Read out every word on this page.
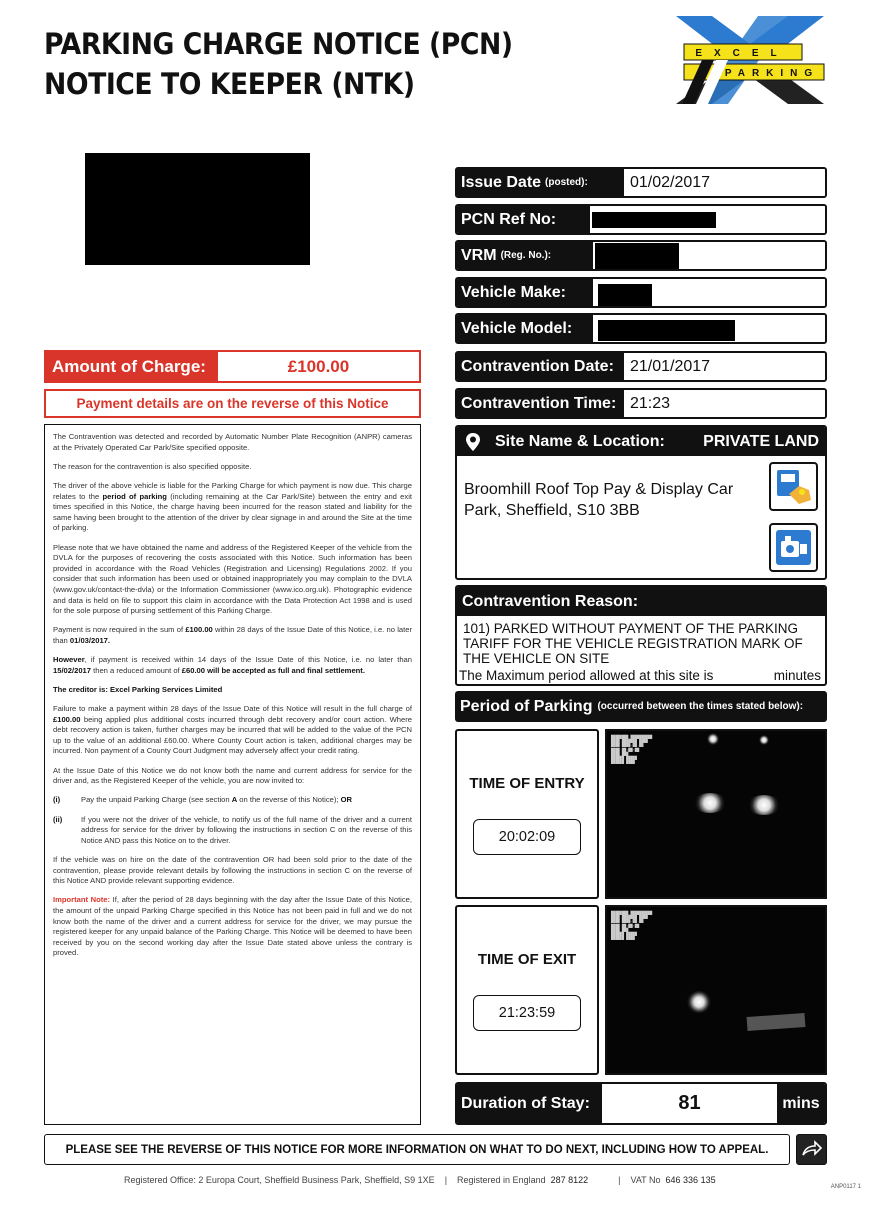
PARKING CHARGE NOTICE (PCN)
NOTICE TO KEEPER (NTK)
EXCEL
PARKING
Issue Date (posted):	01/02/2017
PCN Ref No:
VRM (Reg. No.):
Vehicle Make:
Vehicle Model:
Contravention Date:	21/01/2017
Contravention Time: 21:23
Amount of Charge:	£100.00
Payment details are on the reverse of this Notice

The Contravention was detected and recorded by Automatic Number Plate Recognition (ANPR) cameras at the Privately Operated Car Park/Site specified opposite.

The reason for the contravention is also specified opposite.

The driver of the above vehicle is liable for the Parking Charge for which payment is now due. This charge relates to the period of parking (including remaining at the Car Park/Site) between the entry and exit times specified in this Notice, the charge having been incurred for the reason stated and liability for the same having been brought to the attention of the driver by clear signage in and around the Site at the time of parking.

Please note that we have obtained the name and address of the Registered Keeper of the vehicle from the DVLA for the purposes of recovering the costs associated with this Notice. Such information has been provided in accordance with the Road Vehicles (Registration and Licensing) Regulations 2002. If you consider that such information has been used or obtained inappropriately you may complain to the DVLA (www.gov.uk/contact-the-dvla) or the Information Commissioner (www.ico.org.uk). Photographic evidence and data is held on file to support this claim in accordance with the Data Protection Act 1998 and is used for the sole purpose of pursing settlement of this Parking Charge.

Payment is now required in the sum of £100.00 within 28 days of the Issue Date of this Notice, i.e. no later than 01/03/2017.

However, if payment is received within 14 days of the Issue Date of this Notice, i.e. no later than 15/02/2017 then a reduced amount of £60.00 will be accepted as full and final settlement.

The creditor is: Excel Parking Services Limited

Failure to make a payment within 28 days of the Issue Date of this Notice will result in the full charge of £100.00 being applied plus additional costs incurred through debt recovery and/or court action. Where debt recovery action is taken, further charges may be incurred that will be added to the value of the PCN up to the value of an additional £60.00. Where County Court action is taken, additional charges may be incurred. Non payment of a County Court Judgment may adversely affect your credit rating.

At the Issue Date of this Notice we do not know both the name and current address for service for the driver and, as the Registered Keeper of the vehicle, you are now invited to:

(i)	Pay the unpaid Parking Charge (see section A on the reverse of this Notice); OR
(ii)	If you were not the driver of the vehicle, to notify us of the full name of the driver and a current address for service for the driver by following the instructions in section C on the reverse of this Notice AND pass this Notice on to the driver.

If the vehicle was on hire on the date of the contravention OR had been sold prior to the date of the contravention, please provide relevant details by following the instructions in section C on the reverse of this Notice AND provide relevant supporting evidence.

Important Note: If, after the period of 28 days beginning with the day after the Issue Date of this Notice, the amount of the unpaid Parking Charge specified in this Notice has not been paid in full and we do not know both the name of the driver and a current address for service for the driver, we may pursue the registered keeper for any unpaid balance of the Parking Charge. This Notice will be deemed to have been received by you on the second working day after the Issue Date stated above unless the contrary is proved.

Site Name & Location: PRIVATE LAND
Broomhill Roof Top Pay & Display Car
Park, Sheffield, S10 3BB
Contravention Reason:
101) PARKED WITHOUT PAYMENT OF THE PARKING TARIFF FOR THE VEHICLE REGISTRATION MARK OF THE VEHICLE ON SITE
The Maximum period allowed at this site is	minutes
Period of Parking (occurred between the times stated below):
TIME OF ENTRY
20:02:09
████████ ██████████
████ ███████ ████
████ ████-██-██
████ ██:██:██
████ ███
██████ █████
██████ ████
TIME OF EXIT
21:23:59
████████ ██████████
████ ███████ ████
████ ████-██-██
████ ██:██:██
████ ███
██████ █████
██████ ████
Duration of Stay:	81	mins
PLEASE SEE THE REVERSE OF THIS NOTICE FOR MORE INFORMATION ON WHAT TO DO NEXT, INCLUDING HOW TO APPEAL.
Registered Office: 2 Europa Court, Sheffield Business Park, Sheffield, S9 1XE | Registered in England 287 8122	| VAT No 646 336 135
ANP0117 1
